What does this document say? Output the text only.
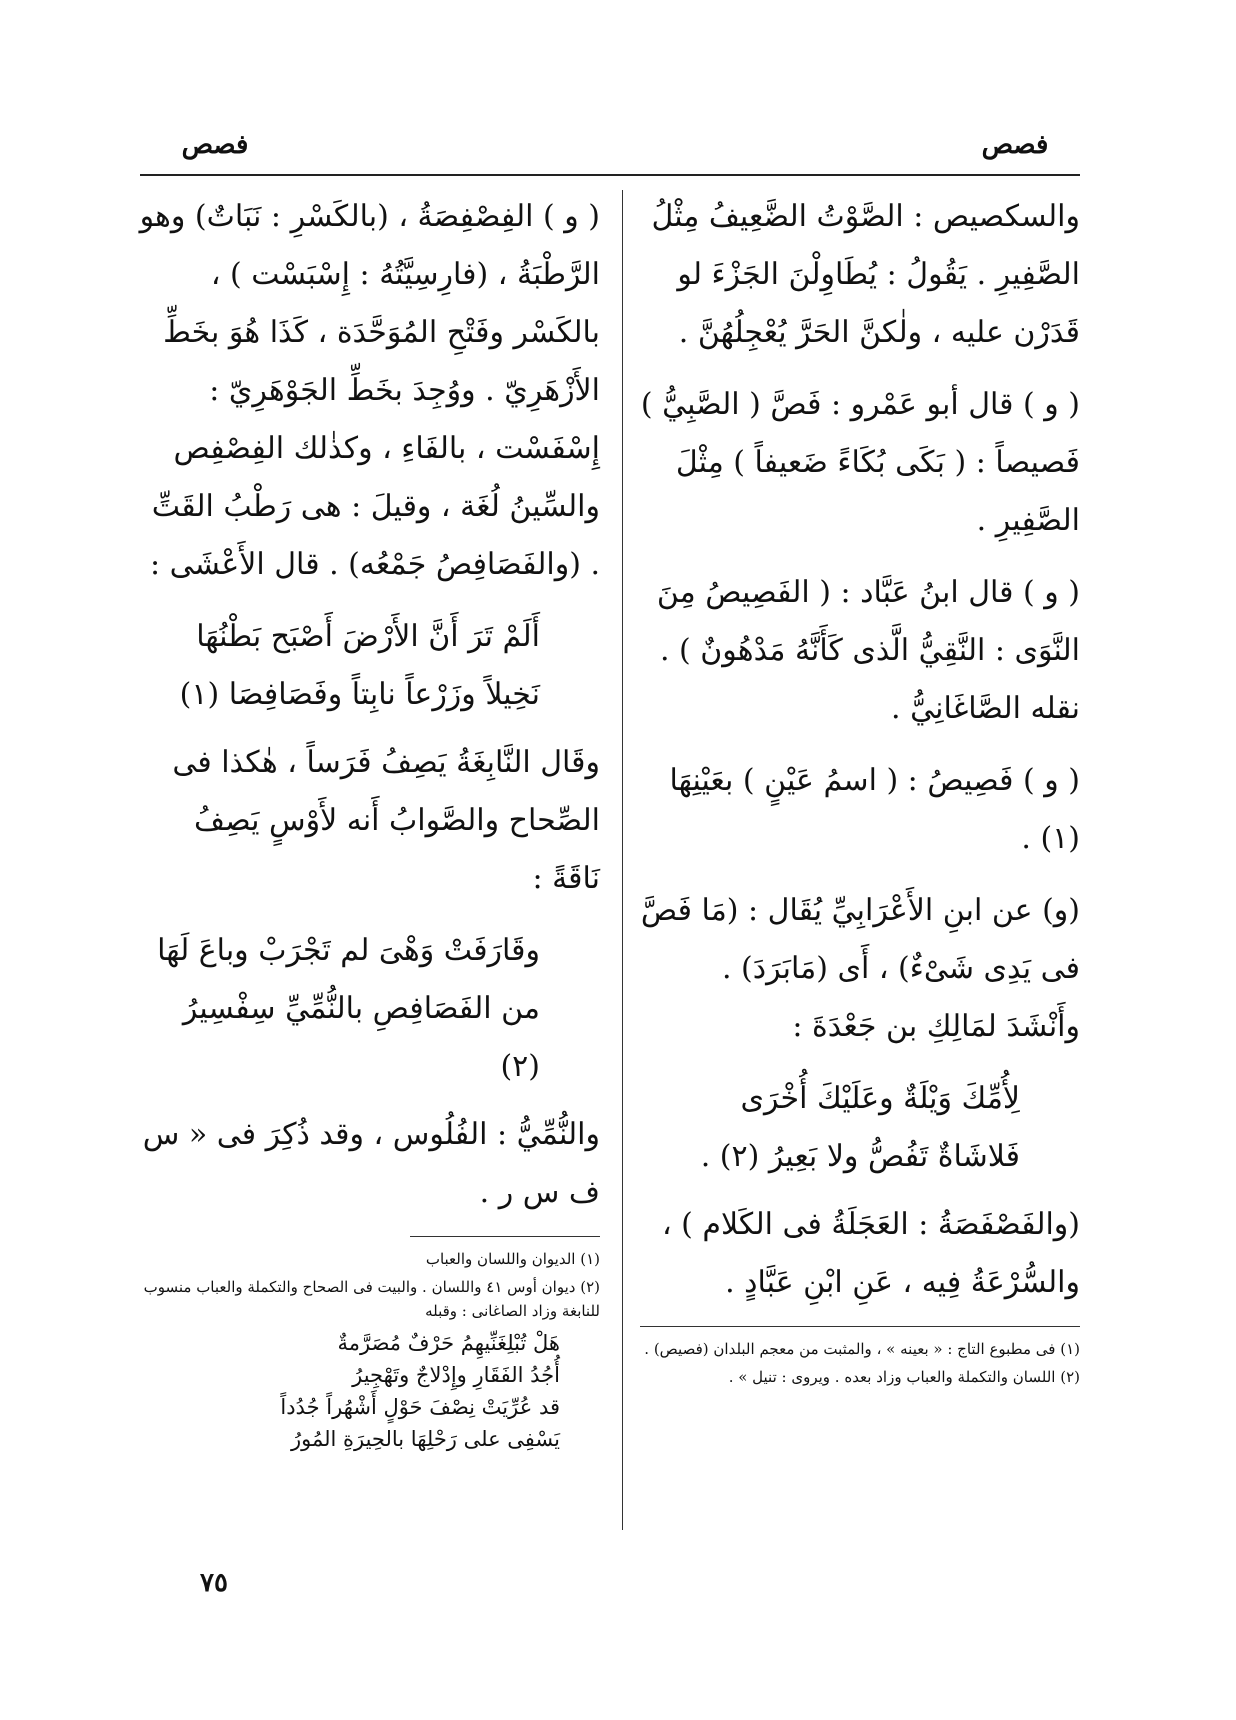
فصص
فصص

والسكصيص : الصَّوْتُ الضَّعِيفُ مِثْلُ الصَّفِيرِ . يَقُولُ : يُطَاوِلْنَ الجَزْءَ لو قَدَرْن عليه ، ولٰكنَّ الحَرَّ يُعْجِلُهُنَّ .

( و ) قال أبو عَمْرو : فَصَّ ( الصَّبِيُّ ) فَصيصاً : ( بَكَى بُكَاءً ضَعيفاً ) مِثْلَ الصَّفِيرِ .

( و ) قال ابنُ عَبَّاد : ( الفَصِيصُ مِنَ النَّوَى : النَّقِيُّ الَّذى كَأَنَّهُ مَدْهُونٌ ) . نقله الصَّاغَانِيُّ .

( و ) فَصِيصُ : ( اسمُ عَيْنٍ ) بعَيْنِهَا (١) .

(و) عن ابنِ الأَعْرَابِيِّ يُقَال : (مَا فَصَّ فى يَدِى شَىْءٌ) ، أَى (مَابَرَدَ) . وأَنْشَدَ لمَالِكِ بن جَعْدَةَ :

لِأُمِّكَ وَيْلَةٌ وعَلَيْكَ أُخْرَى
فَلاشَاةٌ تَفُصُّ ولا بَعِيرُ (٢) .

(والفَصْفَصَةُ : العَجَلَةُ فى الكَلام ) ، والسُّرْعَةُ فِيه ، عَنِ ابْنِ عَبَّادٍ .

(١) فى مطبوع التاج : « بعينه » ، والمثبت من معجم البلدان (فصيص) .

(٢) اللسان والتكملة والعباب وزاد بعده . ويروى : تنيل » .

( و ) الفِصْفِصَةُ ، (بالكَسْرِ : نَبَاتٌ) وهو الرَّطْبَةُ ، (فارِسِيَّتُهُ : إِسْبَسْت ) ، بالكَسْر وفَتْحِ المُوَحَّدَة ، كَذَا هُوَ بخَطِّ الأَزْهَرِيّ . ووُجِدَ بخَطِّ الجَوْهَرِيّ : إِسْفَسْت ، بالفَاءِ ، وكذٰلك الفِصْفِص والسِّينُ لُغَة ، وقيلَ : هى رَطْبُ القَتِّ . (والفَصَافِصُ جَمْعُه) . قال الأَعْشَى :

أَلَمْ تَرَ أَنَّ الأَرْضَ أَصْبَح بَطْنُهَا
نَخِيلاً وزَرْعاً نابِتاً وفَصَافِصَا (١)

وقَال النَّابِغَةُ يَصِفُ فَرَساً ، هٰكذا فى الصِّحاح والصَّوابُ أَنه لأَوْسٍ يَصِفُ نَاقَةً :

وقَارَفَتْ وَهْىَ لم تَجْرَبْ وباعَ لَهَا
من الفَصَافِصِ بالنُّمِّيِّ سِفْسِيرُ (٢)

والنُّمِّيُّ : الفُلُوس ، وقد ذُكِرَ فى « س ف س ر .

(١) الديوان واللسان والعباب

(٢) ديوان أوس ٤١ واللسان . والبيت فى الصحاح والتكملة والعباب منسوب للنابغة وزاد الصاغانى : وقبله

هَلْ تُبْلِغَنِّيهِمُ حَرْفٌ مُصَرَّمةٌ
أُجُدُ الفَقَارِ وإِدْلاجٌ وتَهْجِيرُ
قد عُرِّيَتْ نِصْفَ حَوْلٍ أَشْهُراً جُدُداً
يَسْفِى على رَحْلِهَا بالحِيرَةِ المُورُ
٧٥
